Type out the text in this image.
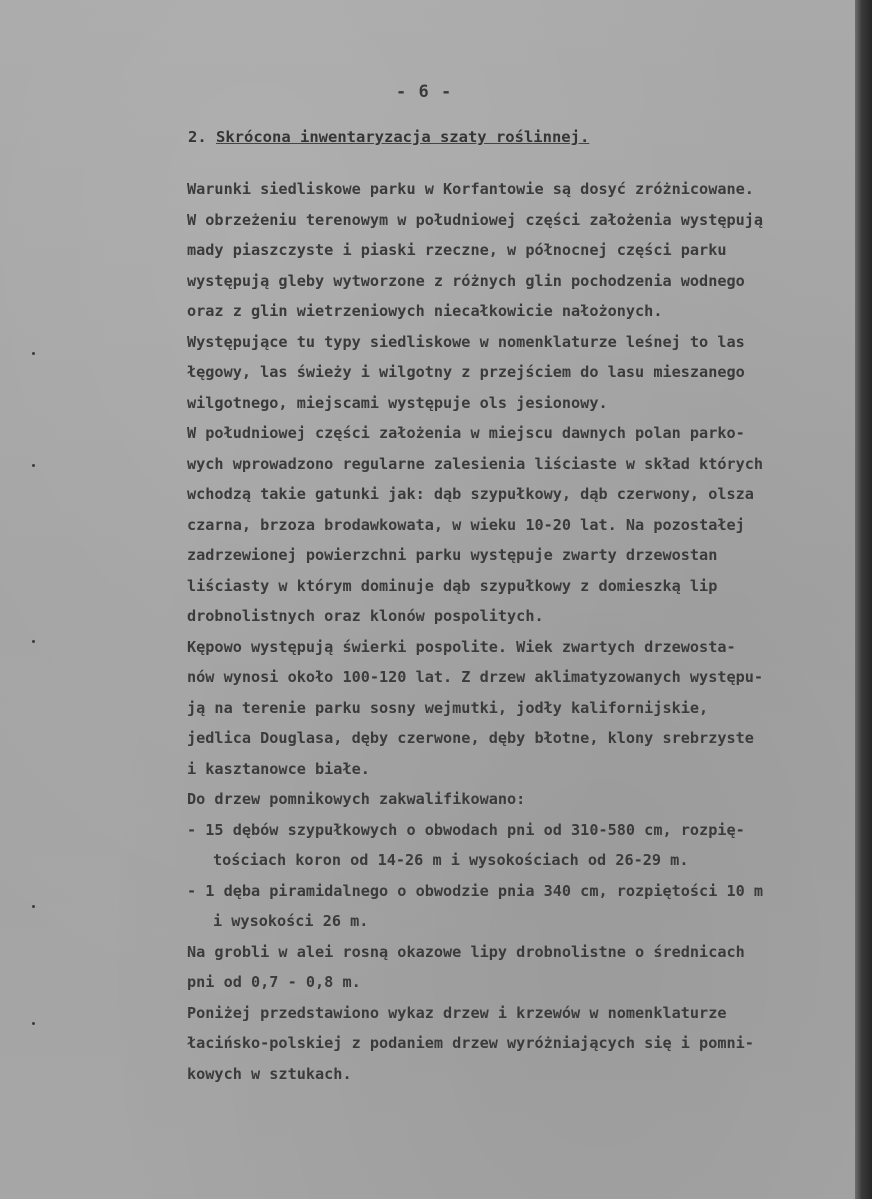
- 6 -
2. Skrócona inwentaryzacja szaty roślinnej.
Warunki siedliskowe parku w Korfantowie są dosyć zróżnicowane.
W obrzeżeniu terenowym w południowej części założenia występują
mady piaszczyste i piaski rzeczne, w północnej części parku
występują gleby wytworzone z różnych glin pochodzenia wodnego
oraz z glin wietrzeniowych niecałkowicie nałożonych.
Występujące tu typy siedliskowe w nomenklaturze leśnej to las
łęgowy, las świeży i wilgotny z przejściem do lasu mieszanego
wilgotnego, miejscami występuje ols jesionowy.
W południowej części założenia w miejscu dawnych polan parko-
wych wprowadzono regularne zalesienia liściaste w skład których
wchodzą takie gatunki jak: dąb szypułkowy, dąb czerwony, olsza
czarna, brzoza brodawkowata, w wieku 10-20 lat. Na pozostałej
zadrzewionej powierzchni parku występuje zwarty drzewostan
liściasty w którym dominuje dąb szypułkowy z domieszką lip
drobnolistnych oraz klonów pospolitych.
Kępowo występują świerki pospolite. Wiek zwartych drzewosta-
nów wynosi około 100-120 lat. Z drzew aklimatyzowanych występu-
ją na terenie parku sosny wejmutki, jodły kalifornijskie,
jedlica Douglasa, dęby czerwone, dęby błotne, klony srebrzyste
i kasztanowce białe.
Do drzew pomnikowych zakwalifikowano:
- 15 dębów szypułkowych o obwodach pni od 310-580 cm, rozpię-
tościach koron od 14-26 m i wysokościach od 26-29 m.
- 1 dęba piramidalnego o obwodzie pnia 340 cm, rozpiętości 10 m
i wysokości 26 m.
Na grobli w alei rosną okazowe lipy drobnolistne o średnicach
pni od 0,7 - 0,8 m.
Poniżej przedstawiono wykaz drzew i krzewów w nomenklaturze
łacińsko-polskiej z podaniem drzew wyróżniających się i pomni-
kowych w sztukach.
